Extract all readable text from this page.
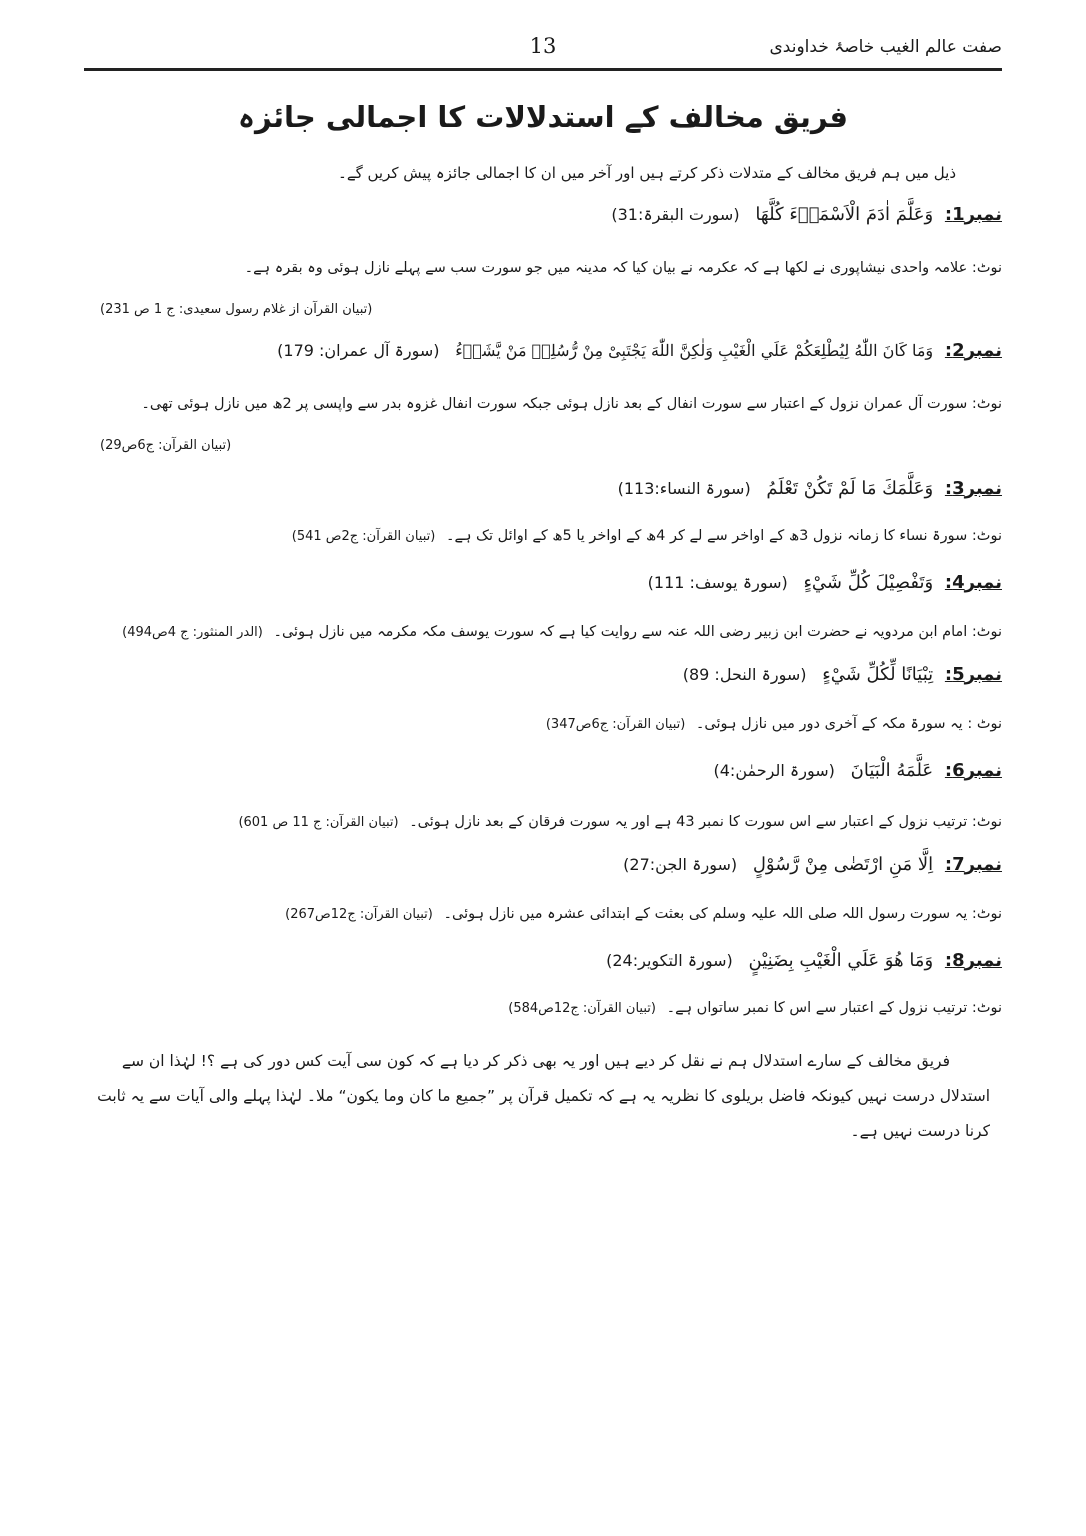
صفت عالم الغیب خاصۂ خداوندی
13
فریق مخالف کے استدلالات کا اجمالی جائزہ
ذیل میں ہم فریق مخالف کے متدلات ذکر کرتے ہیں اور آخر میں ان کا اجمالی جائزہ پیش کریں گے۔
نمبر1: وَعَلَّمَ اٰدَمَ الْاَسْمَاۗءَ كُلَّهَا (سورت البقرۃ:31)
نوٹ: علامہ واحدی نیشاپوری نے لکھا ہے کہ عکرمہ نے بیان کیا کہ مدینہ میں جو سورت سب سے پہلے نازل ہوئی وہ بقرہ ہے۔
(تبیان القرآن از غلام رسول سعیدی: ج 1 ص 231)
نمبر2: وَمَا كَانَ اللّٰهُ لِيُطْلِعَكُمْ عَلَي الْغَيْبِ وَلٰكِنَّ اللّٰهَ يَجْتَبِىْ مِنْ رُّسُلِهٖ مَنْ يَّشَاۗءُ (سورۃ آل عمران: 179)
نوٹ: سورت آل عمران نزول کے اعتبار سے سورت انفال کے بعد نازل ہوئی جبکہ سورت انفال غزوہ بدر سے واپسی پر 2ھ میں نازل ہوئی تھی۔
(تبیان القرآن: ج6ص29)
نمبر3: وَعَلَّمَكَ مَا لَمْ تَكُنْ تَعْلَمُ (سورۃ النساء:113)
نوٹ: سورۃ نساء کا زمانہ نزول 3ھ کے اواخر سے لے کر 4ھ کے اواخر یا 5ھ کے اوائل تک ہے۔ (تبیان القرآن: ج2ص 541)
نمبر4: وَتَفْصِيْلَ كُلِّ شَيْءٍ (سورۃ یوسف: 111)
نوٹ: امام ابن مردویہ نے حضرت ابن زبیر رضی اللہ عنہ سے روایت کیا ہے کہ سورت یوسف مکہ مکرمہ میں نازل ہوئی۔ (الدر المنثور: ج 4ص494)
نمبر5: تِبْيَانًا لِّكُلِّ شَيْءٍ (سورۃ النحل: 89)
نوٹ : یہ سورۃ مکہ کے آخری دور میں نازل ہوئی۔ (تبیان القرآن: ج6ص347)
نمبر6: عَلَّمَهُ الْبَيَانَ (سورۃ الرحمٰن:4)
نوٹ: ترتیب نزول کے اعتبار سے اس سورت کا نمبر 43 ہے اور یہ سورت فرقان کے بعد نازل ہوئی۔ (تبیان القرآن: ج 11 ص 601)
نمبر7: اِلَّا مَنِ ارْتَضٰى مِنْ رَّسُوْلٍ (سورۃ الجن:27)
نوٹ: یہ سورت رسول اللہ صلی اللہ علیہ وسلم کی بعثت کے ابتدائی عشرہ میں نازل ہوئی۔ (تبیان القرآن: ج12ص267)
نمبر8: وَمَا هُوَ عَلَي الْغَيْبِ بِضَنِيْنٍ (سورۃ التکویر:24)
نوٹ: ترتیب نزول کے اعتبار سے اس کا نمبر ساتواں ہے۔ (تبیان القرآن: ج12ص584)
فریق مخالف کے سارے استدلال ہم نے نقل کر دیے ہیں اور یہ بھی ذکر کر دیا ہے کہ کون سی آیت کس دور کی ہے ؟! لہٰذا ان سے
استدلال درست نہیں کیونکہ فاضل بریلوی کا نظریہ یہ ہے کہ تکمیل قرآن پر ”جمیع ما کان وما یکون“ ملا۔ لہٰذا پہلے والی آیات سے یہ ثابت
کرنا درست نہیں ہے۔
